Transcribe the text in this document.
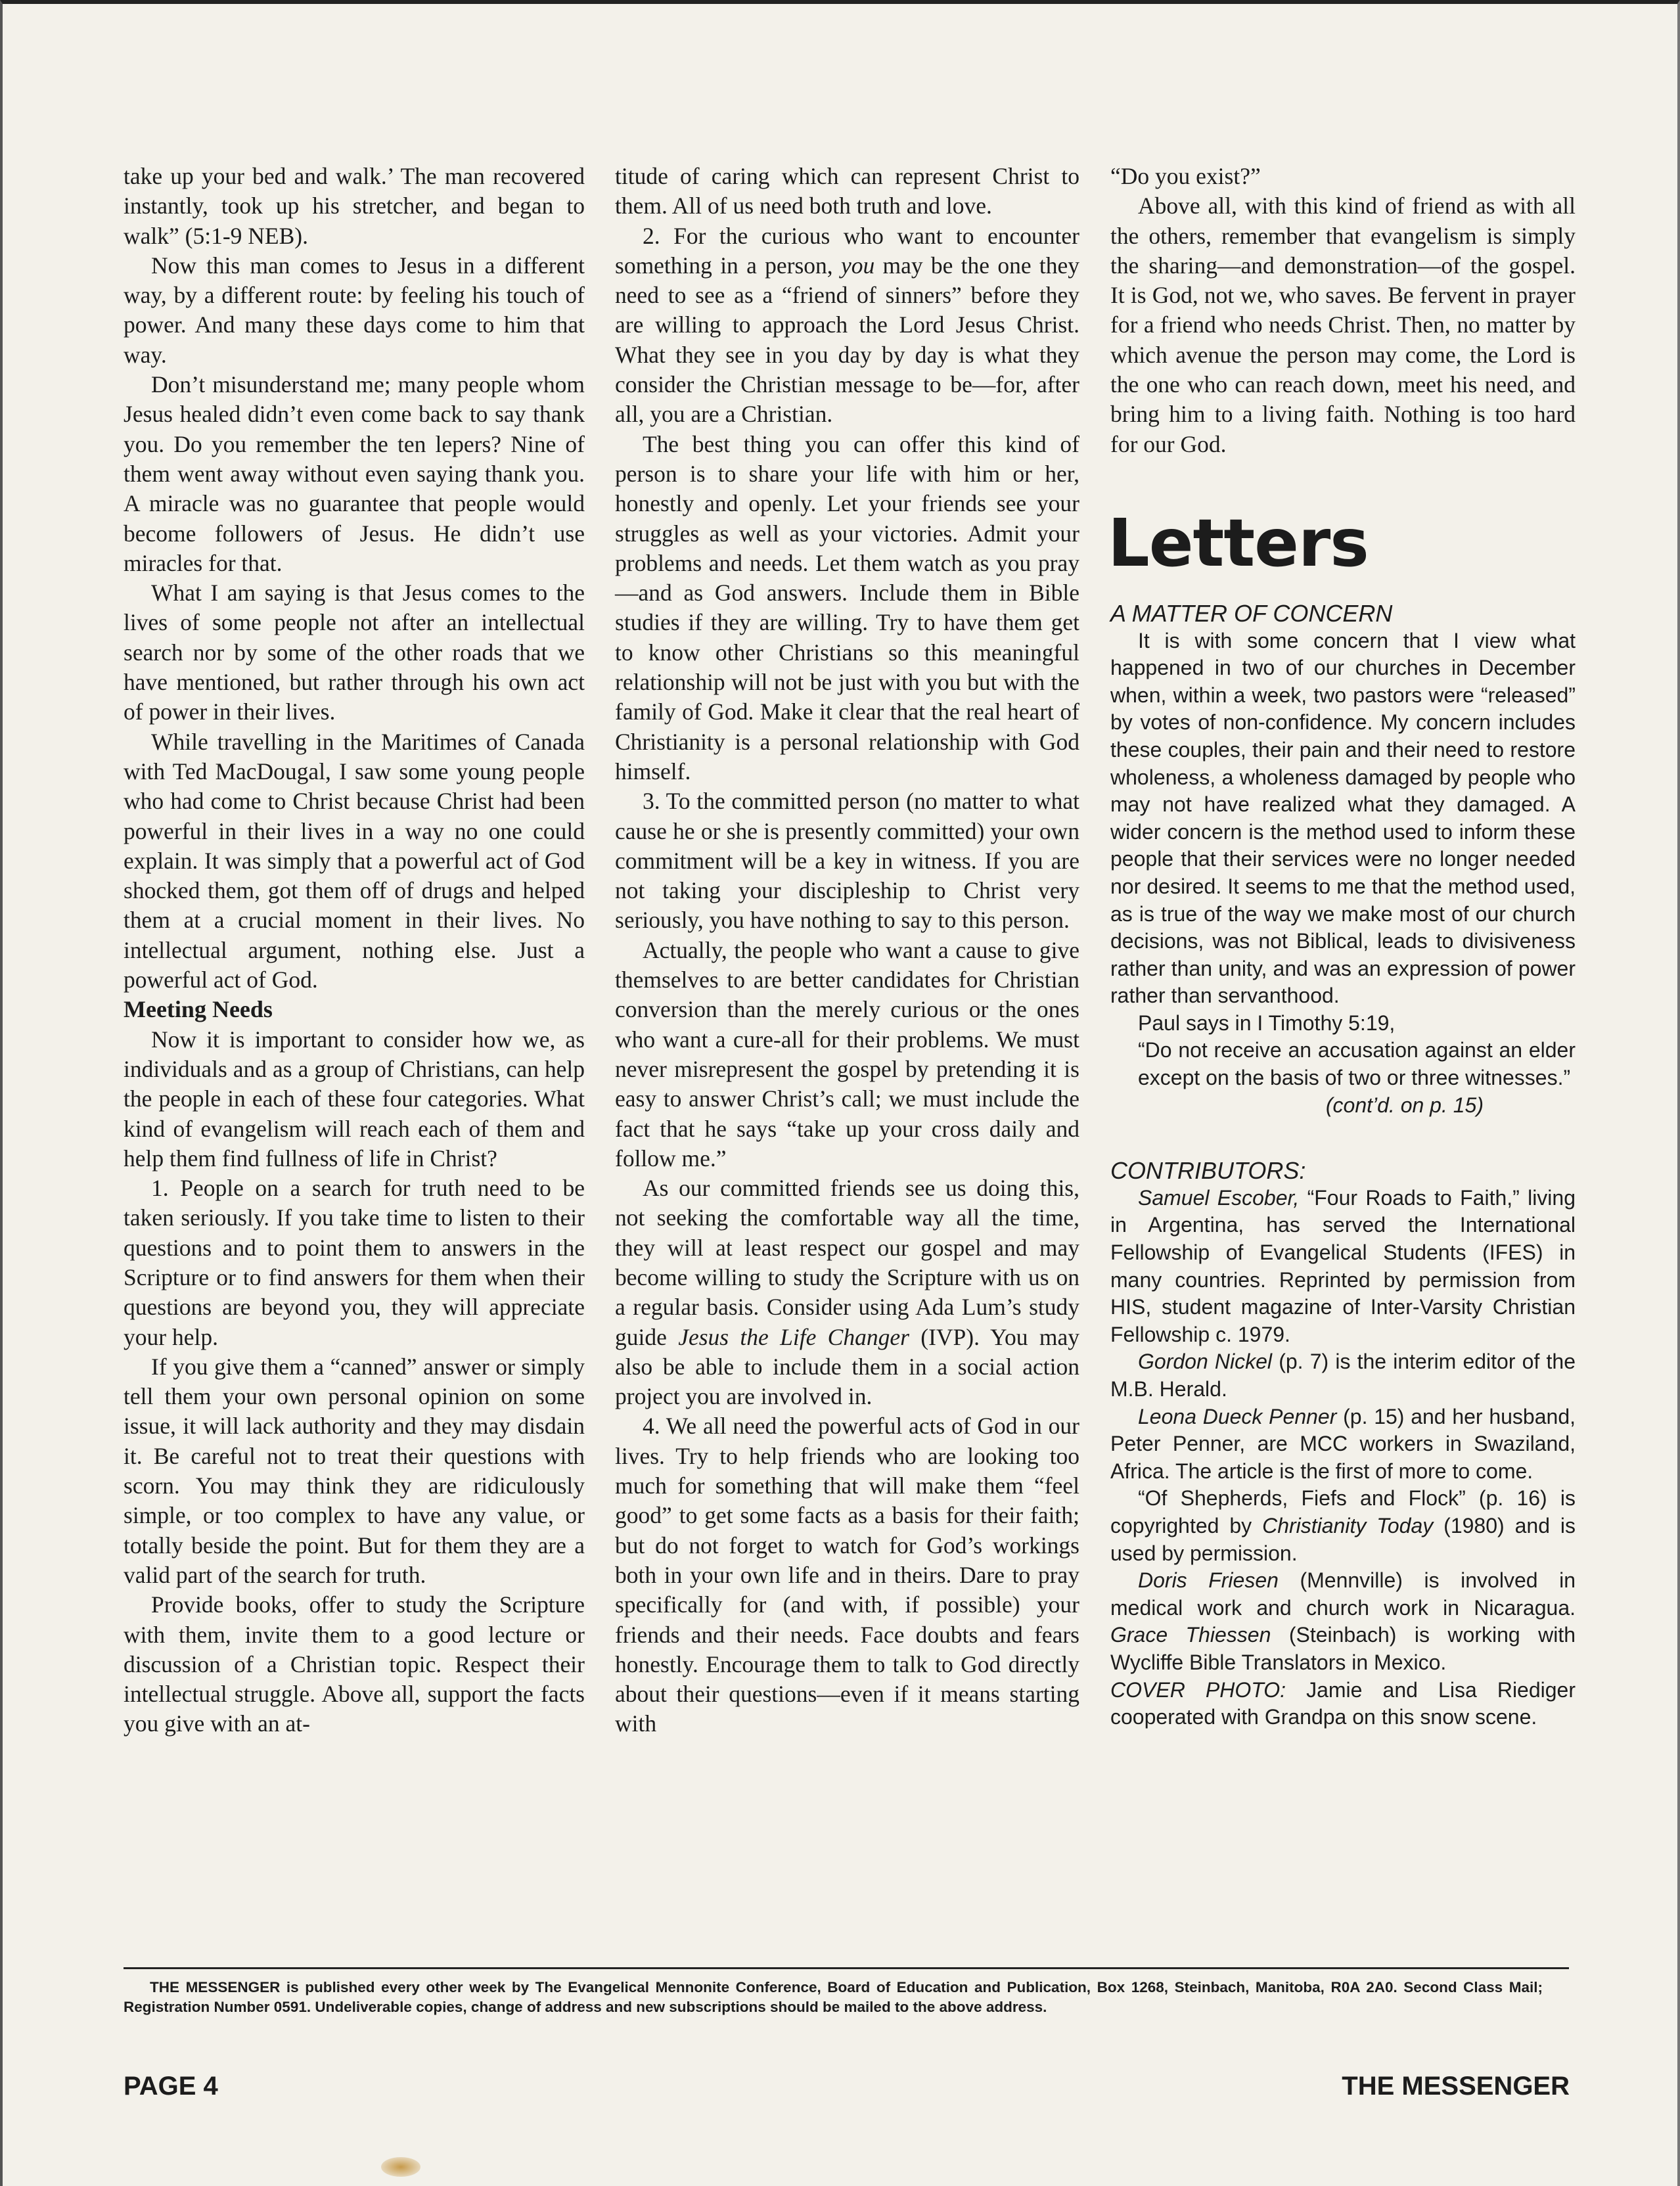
take up your bed and walk.’ The man recovered instantly, took up his stretcher, and began to walk” (5:1-9 NEB).

Now this man comes to Jesus in a different way, by a different route: by feeling his touch of power. And many these days come to him that way.

Don’t misunderstand me; many people whom Jesus healed didn’t even come back to say thank you. Do you remember the ten lepers? Nine of them went away without even saying thank you. A miracle was no guarantee that people would become followers of Jesus. He didn’t use miracles for that.

What I am saying is that Jesus comes to the lives of some people not after an intellectual search nor by some of the other roads that we have mentioned, but rather through his own act of power in their lives.

While travelling in the Maritimes of Canada with Ted MacDougal, I saw some young people who had come to Christ because Christ had been powerful in their lives in a way no one could explain. It was simply that a powerful act of God shocked them, got them off of drugs and helped them at a crucial moment in their lives. No intellectual argument, nothing else. Just a powerful act of God.

Meeting Needs

Now it is important to consider how we, as individuals and as a group of Christians, can help the people in each of these four categories. What kind of evangelism will reach each of them and help them find fullness of life in Christ?

1. People on a search for truth need to be taken seriously. If you take time to listen to their questions and to point them to answers in the Scripture or to find answers for them when their questions are beyond you, they will appreciate your help.

If you give them a “canned” answer or simply tell them your own personal opinion on some issue, it will lack authority and they may disdain it. Be careful not to treat their questions with scorn. You may think they are ridiculously simple, or too complex to have any value, or totally beside the point. But for them they are a valid part of the search for truth.

Provide books, offer to study the Scripture with them, invite them to a good lecture or discussion of a Christian topic. Respect their intellectual struggle. Above all, support the facts you give with an at-

titude of caring which can represent Christ to them. All of us need both truth and love.

2. For the curious who want to encounter something in a person, you may be the one they need to see as a “friend of sinners” before they are willing to approach the Lord Jesus Christ. What they see in you day by day is what they consider the Christian message to be—for, after all, you are a Christian.

The best thing you can offer this kind of person is to share your life with him or her, honestly and openly. Let your friends see your struggles as well as your victories. Admit your problems and needs. Let them watch as you pray—and as God answers. Include them in Bible studies if they are willing. Try to have them get to know other Christians so this meaningful relationship will not be just with you but with the family of God. Make it clear that the real heart of Christianity is a personal relationship with God himself.

3. To the committed person (no matter to what cause he or she is presently committed) your own commitment will be a key in witness. If you are not taking your discipleship to Christ very seriously, you have nothing to say to this person.

Actually, the people who want a cause to give themselves to are better candidates for Christian conversion than the merely curious or the ones who want a cure-all for their problems. We must never misrepresent the gospel by pretending it is easy to answer Christ’s call; we must include the fact that he says “take up your cross daily and follow me.”

As our committed friends see us doing this, not seeking the comfortable way all the time, they will at least respect our gospel and may become willing to study the Scripture with us on a regular basis. Consider using Ada Lum’s study guide Jesus the Life Changer (IVP). You may also be able to include them in a social action project you are involved in.

4. We all need the powerful acts of God in our lives. Try to help friends who are looking too much for something that will make them “feel good” to get some facts as a basis for their faith; but do not forget to watch for God’s workings both in your own life and in theirs. Dare to pray specifically for (and with, if possible) your friends and their needs. Face doubts and fears honestly. Encourage them to talk to God directly about their questions—even if it means starting with

“Do you exist?”

Above all, with this kind of friend as with all the others, remember that evangelism is simply the sharing—and demonstration—of the gospel. It is God, not we, who saves. Be fervent in prayer for a friend who needs Christ. Then, no matter by which avenue the person may come, the Lord is the one who can reach down, meet his need, and bring him to a living faith. Nothing is too hard for our God.

Letters

A MATTER OF CONCERN

It is with some concern that I view what happened in two of our churches in December when, within a week, two pastors were “released” by votes of non-confidence. My concern includes these couples, their pain and their need to restore wholeness, a wholeness damaged by people who may not have realized what they damaged. A wider concern is the method used to inform these people that their services were no longer needed nor desired. It seems to me that the method used, as is true of the way we make most of our church decisions, was not Biblical, leads to divisiveness rather than unity, and was an expression of power rather than servanthood.

Paul says in I Timothy 5:19,

“Do not receive an accusation against an elder except on the basis of two or three witnesses.”

(cont’d. on p. 15)

CONTRIBUTORS:

Samuel Escober, “Four Roads to Faith,” living in Argentina, has served the International Fellowship of Evangelical Students (IFES) in many countries. Reprinted by permission from HIS, student magazine of Inter-Varsity Christian Fellowship c. 1979.

Gordon Nickel (p. 7) is the interim editor of the M.B. Herald.

Leona Dueck Penner (p. 15) and her husband, Peter Penner, are MCC workers in Swaziland, Africa. The article is the first of more to come.

“Of Shepherds, Fiefs and Flock” (p. 16) is copyrighted by Christianity Today (1980) and is used by permission.

Doris Friesen (Mennville) is involved in medical work and church work in Nicaragua. Grace Thiessen (Steinbach) is working with Wycliffe Bible Translators in Mexico.

COVER PHOTO: Jamie and Lisa Riediger cooperated with Grandpa on this snow scene.

THE MESSENGER is published every other week by The Evangelical Mennonite Conference, Board of Education and Publication, Box 1268, Steinbach, Manitoba, R0A 2A0. Second Class Mail; Registration Number 0591. Undeliverable copies, change of address and new subscriptions should be mailed to the above address.
PAGE 4	THE MESSENGER
